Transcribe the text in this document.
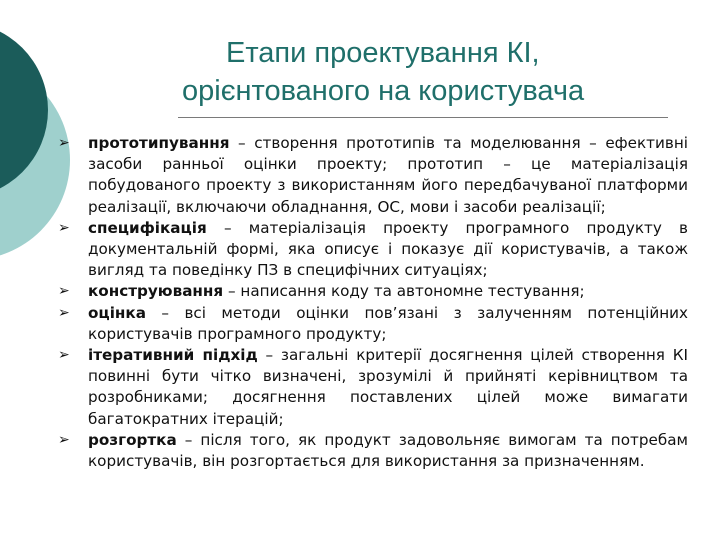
Етапи проектування КІ,
орієнтованого на користувача
➢ прототипування – створення прототипів та моделювання – ефективні засоби ранньої оцінки проекту; прототип – це матеріалізація побудованого проекту з використанням його передбачуваної платформи реалізації, включаючи обладнання, ОС, мови і засоби реалізації;
➢ специфікація – матеріалізація проекту програмного продукту в документальній формі, яка описує і показує дії користувачів, а також вигляд та поведінку ПЗ в специфічних ситуаціях;
➢ конструювання – написання коду та автономне тестування;
➢ оцінка – всі методи оцінки пов’язані з залученням потенційних користувачів програмного продукту;
➢ ітеративний підхід – загальні критерії досягнення цілей створення КІ повинні бути чітко визначені, зрозумілі й прийняті керівництвом та розробниками; досягнення поставлених цілей може вимагати багатократних ітерацій;
➢ розгортка – після того, як продукт задовольняє вимогам та потребам користувачів, він розгортається для використання за призначенням.
